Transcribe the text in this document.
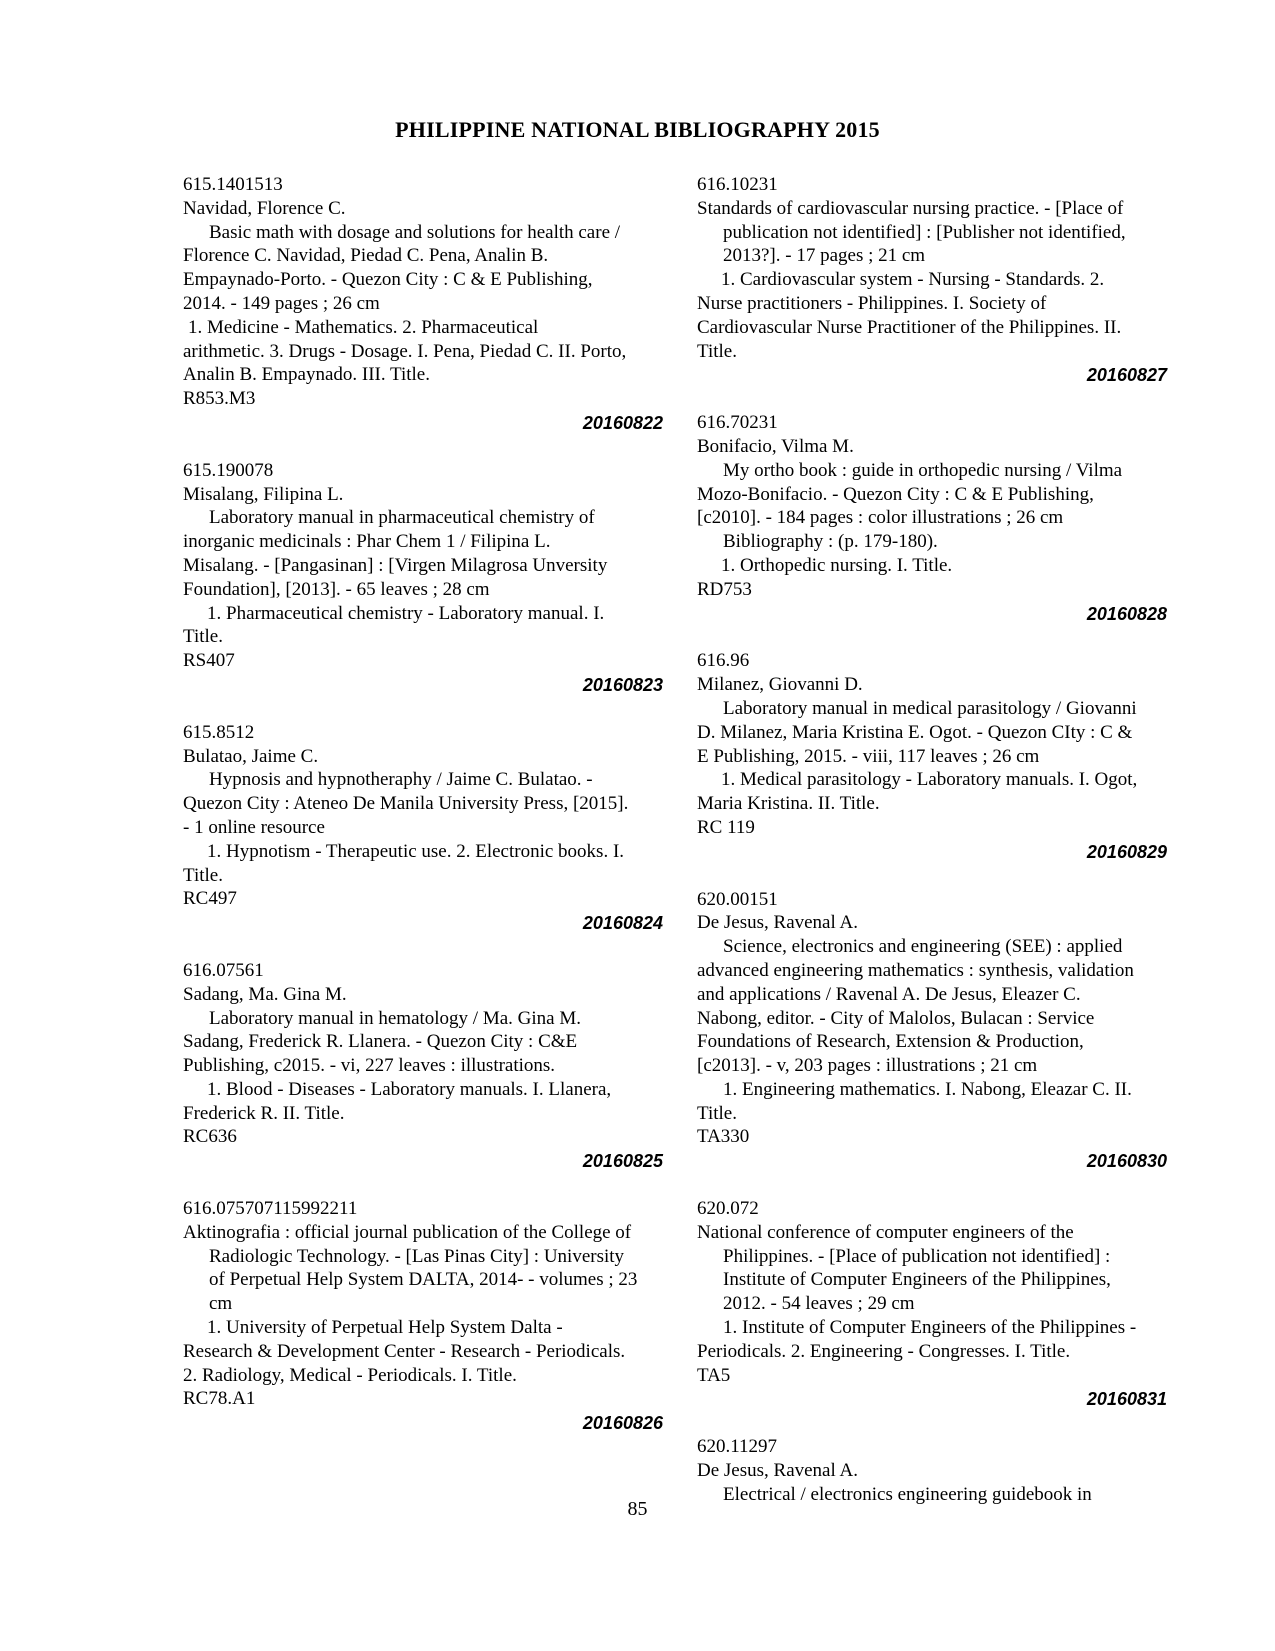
PHILIPPINE NATIONAL BIBLIOGRAPHY 2015
615.1401513
Navidad, Florence C.
Basic math with dosage and solutions for health care /
Florence C. Navidad, Piedad C. Pena, Analin B.
Empaynado-Porto. - Quezon City : C & E Publishing,
2014. - 149 pages ; 26 cm
1. Medicine - Mathematics. 2. Pharmaceutical
arithmetic. 3. Drugs - Dosage. I. Pena, Piedad C. II. Porto,
Analin B. Empaynado. III. Title.
R853.M3
20160822
615.190078
Misalang, Filipina L.
Laboratory manual in pharmaceutical chemistry of
inorganic medicinals : Phar Chem 1 / Filipina L.
Misalang. - [Pangasinan] : [Virgen Milagrosa Unversity
Foundation], [2013]. - 65 leaves ; 28 cm
1. Pharmaceutical chemistry - Laboratory manual. I.
Title.
RS407
20160823
615.8512
Bulatao, Jaime C.
Hypnosis and hypnotheraphy / Jaime C. Bulatao. -
Quezon City : Ateneo De Manila University Press, [2015].
- 1 online resource
1. Hypnotism - Therapeutic use. 2. Electronic books. I.
Title.
RC497
20160824
616.07561
Sadang, Ma. Gina M.
Laboratory manual in hematology / Ma. Gina M.
Sadang, Frederick R. Llanera. - Quezon City : C&E
Publishing, c2015. - vi, 227 leaves : illustrations.
1. Blood - Diseases - Laboratory manuals. I. Llanera,
Frederick R. II. Title.
RC636
20160825
616.075707115992211
Aktinografia : official journal publication of the College of
Radiologic Technology. - [Las Pinas City] : University
of Perpetual Help System DALTA, 2014- - volumes ; 23
cm
1. University of Perpetual Help System Dalta -
Research & Development Center - Research - Periodicals.
2. Radiology, Medical - Periodicals. I. Title.
RC78.A1
20160826
616.10231
Standards of cardiovascular nursing practice. - [Place of
publication not identified] : [Publisher not identified,
2013?]. - 17 pages ; 21 cm
1. Cardiovascular system - Nursing - Standards. 2.
Nurse practitioners - Philippines. I. Society of
Cardiovascular Nurse Practitioner of the Philippines. II.
Title.
20160827
616.70231
Bonifacio, Vilma M.
My ortho book : guide in orthopedic nursing / Vilma
Mozo-Bonifacio. - Quezon City : C & E Publishing,
[c2010]. - 184 pages : color illustrations ; 26 cm
Bibliography : (p. 179-180).
1. Orthopedic nursing. I. Title.
RD753
20160828
616.96
Milanez, Giovanni D.
Laboratory manual in medical parasitology / Giovanni
D. Milanez, Maria Kristina E. Ogot. - Quezon CIty : C &
E Publishing, 2015. - viii, 117 leaves ; 26 cm
1. Medical parasitology - Laboratory manuals. I. Ogot,
Maria Kristina. II. Title.
RC 119
20160829
620.00151
De Jesus, Ravenal A.
Science, electronics and engineering (SEE) : applied
advanced engineering mathematics : synthesis, validation
and applications / Ravenal A. De Jesus, Eleazer C.
Nabong, editor. - City of Malolos, Bulacan : Service
Foundations of Research, Extension & Production,
[c2013]. - v, 203 pages : illustrations ; 21 cm
1. Engineering mathematics. I. Nabong, Eleazar C. II.
Title.
TA330
20160830
620.072
National conference of computer engineers of the
Philippines. - [Place of publication not identified] :
Institute of Computer Engineers of the Philippines,
2012. - 54 leaves ; 29 cm
1. Institute of Computer Engineers of the Philippines -
Periodicals. 2. Engineering - Congresses. I. Title.
TA5
20160831
620.11297
De Jesus, Ravenal A.
Electrical / electronics engineering guidebook in
85
